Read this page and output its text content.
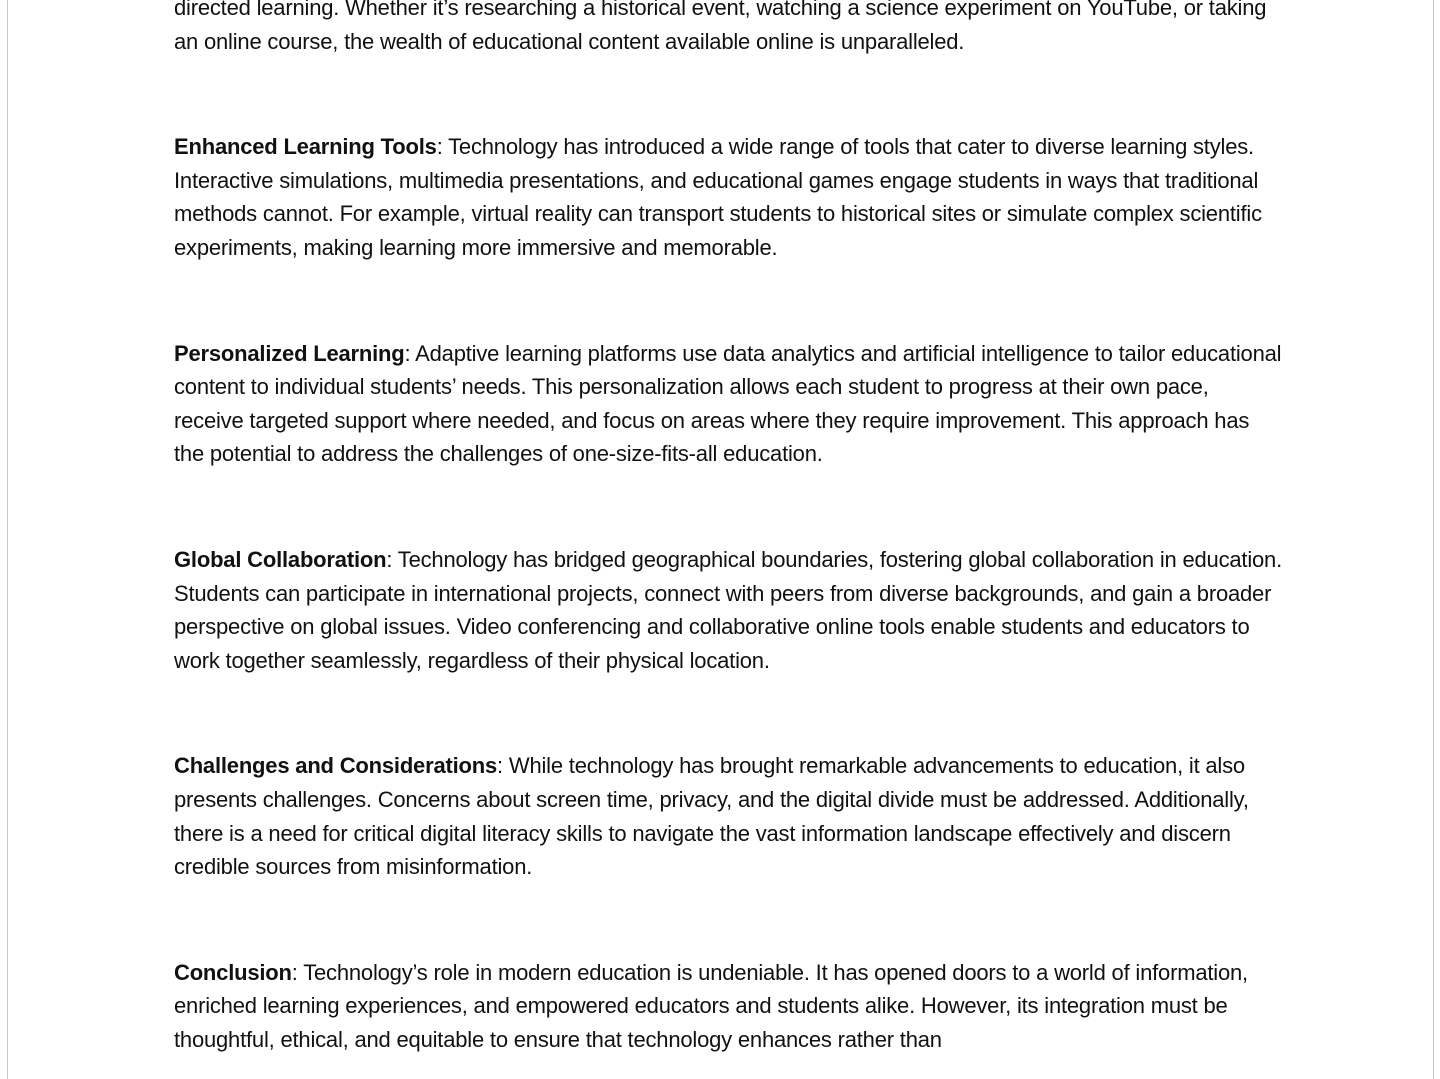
directed learning. Whether it’s researching a historical event, watching a science experiment on YouTube, or taking an online course, the wealth of educational content available online is unparalleled.

Enhanced Learning Tools: Technology has introduced a wide range of tools that cater to diverse learning styles. Interactive simulations, multimedia presentations, and educational games engage students in ways that traditional methods cannot. For example, virtual reality can transport students to historical sites or simulate complex scientific experiments, making learning more immersive and memorable.

Personalized Learning: Adaptive learning platforms use data analytics and artificial intelligence to tailor educational content to individual students’ needs. This personalization allows each student to progress at their own pace, receive targeted support where needed, and focus on areas where they require improvement. This approach has the potential to address the challenges of one-size-fits-all education.

Global Collaboration: Technology has bridged geographical boundaries, fostering global collaboration in education. Students can participate in international projects, connect with peers from diverse backgrounds, and gain a broader perspective on global issues. Video conferencing and collaborative online tools enable students and educators to work together seamlessly, regardless of their physical location.

Challenges and Considerations: While technology has brought remarkable advancements to education, it also presents challenges. Concerns about screen time, privacy, and the digital divide must be addressed. Additionally, there is a need for critical digital literacy skills to navigate the vast information landscape effectively and discern credible sources from misinformation.

Conclusion: Technology’s role in modern education is undeniable. It has opened doors to a world of information, enriched learning experiences, and empowered educators and students alike. However, its integration must be thoughtful, ethical, and equitable to ensure that technology enhances rather than
